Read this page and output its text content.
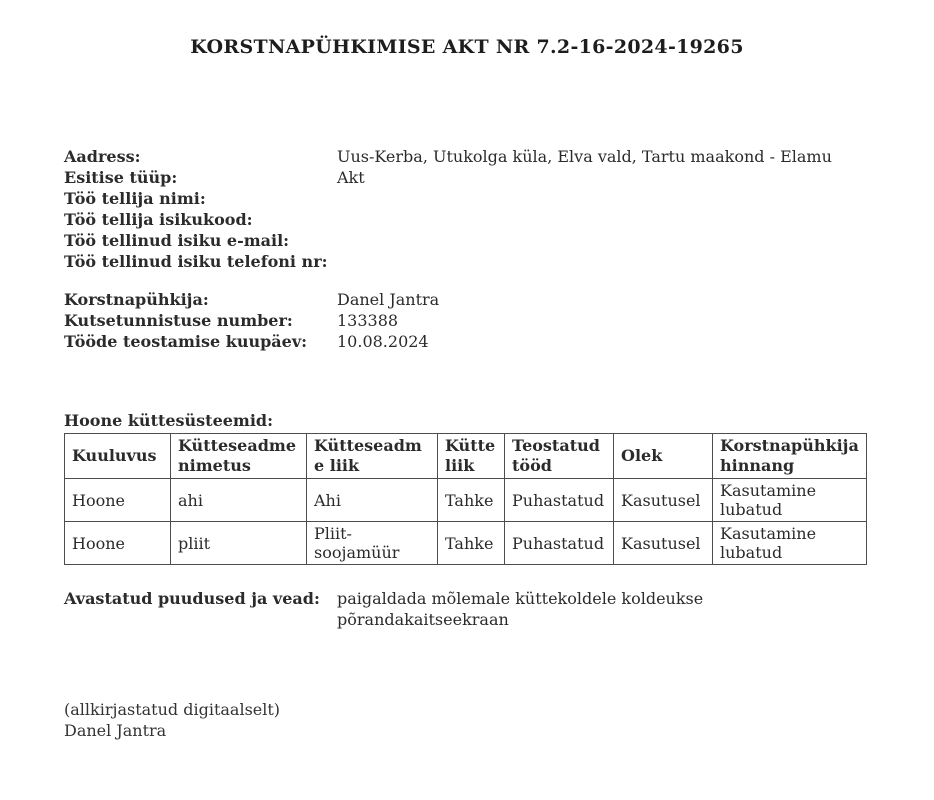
KORSTNAPÜHKIMISE AKT NR 7.2-16-2024-19265
Aadress:	Uus-Kerba, Utukolga küla, Elva vald, Tartu maakond - Elamu
Esitise tüüp:	Akt
Töö tellija nimi:
Töö tellija isikukood:
Töö tellinud isiku e-mail:
Töö tellinud isiku telefoni nr:
Korstnapühkija:	Danel Jantra
Kutsetunnistuse number:	133388
Tööde teostamise kuupäev:	10.08.2024
Hoone küttesüsteemid:
Kuuluvus	Kütteseadme nimetus	Kütteseadme liik	Kütte liik	Teostatud tööd	Olek	Korstnapühkija hinnang
Hoone	ahi	Ahi	Tahke	Puhastatud	Kasutusel	Kasutamine lubatud
Hoone	pliit	Pliit-soojamüür	Tahke	Puhastatud	Kasutusel	Kasutamine lubatud
Avastatud puudused ja vead:	paigaldada mõlemale küttekoldele koldeukse põrandakaitseekraan
(allkirjastatud digitaalselt)
Danel Jantra
